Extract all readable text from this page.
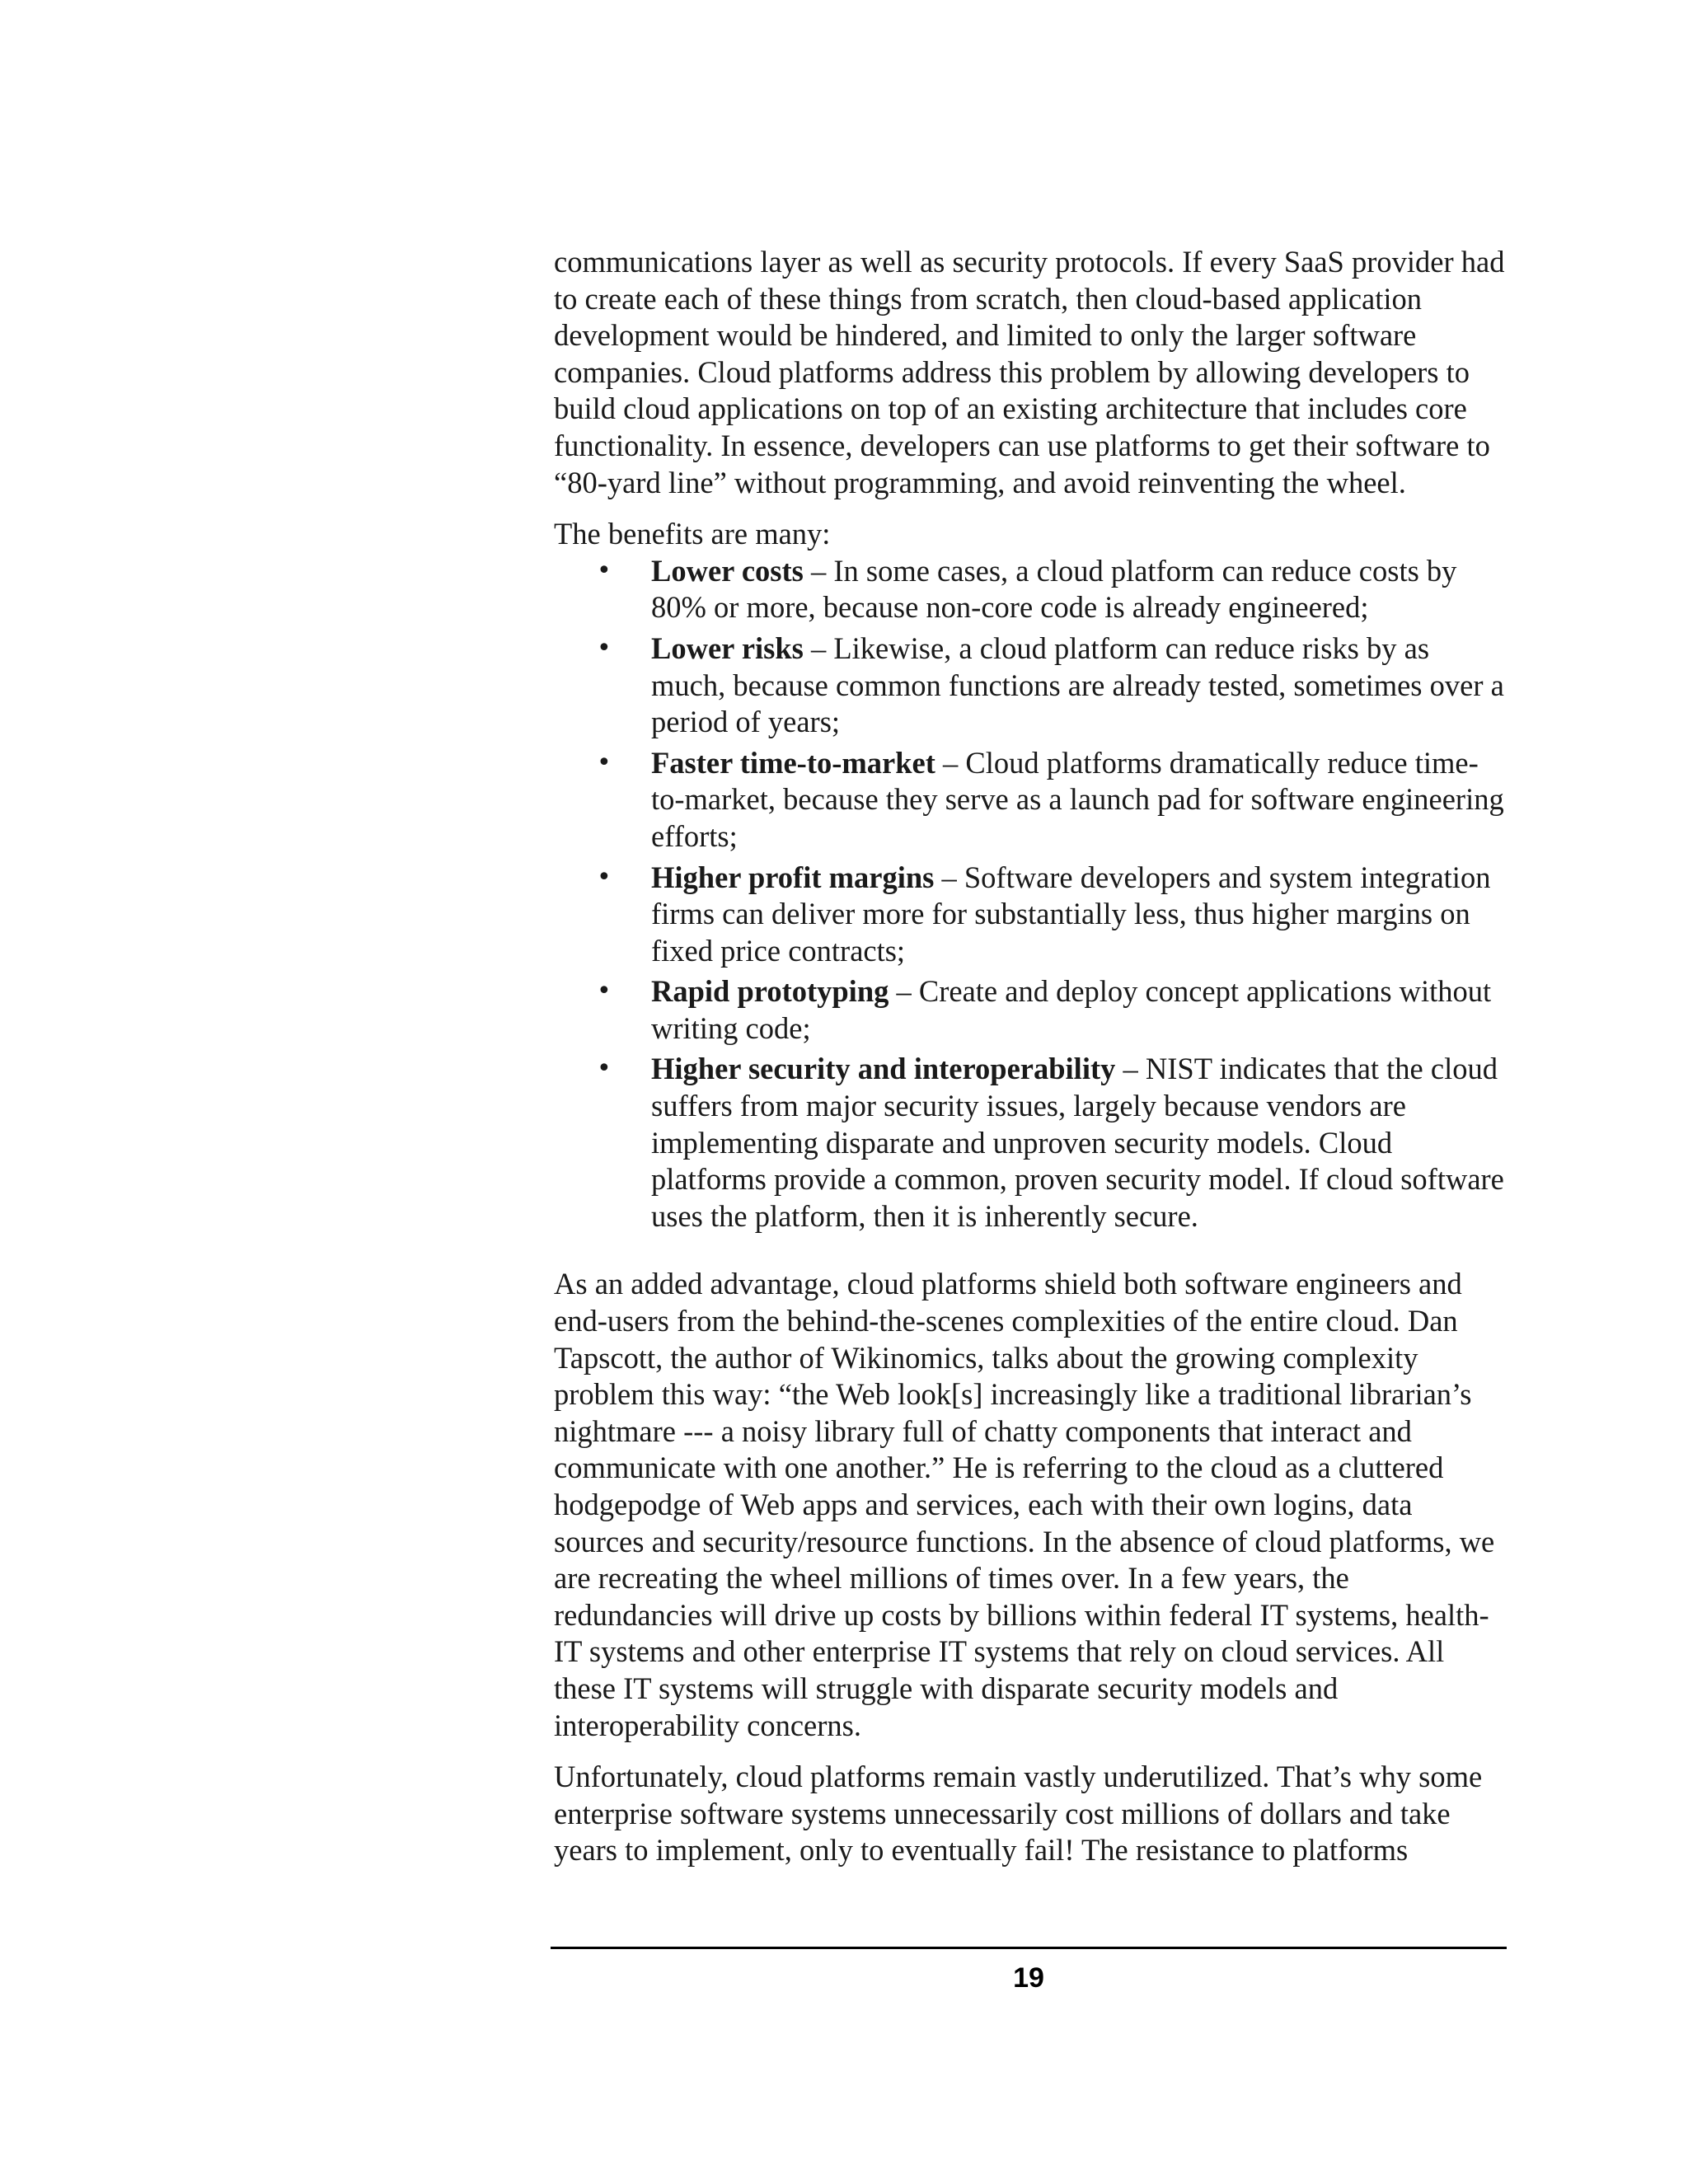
communications layer as well as security protocols. If every SaaS provider had to create each of these things from scratch, then cloud-based application development would be hindered, and limited to only the larger software companies. Cloud platforms address this problem by allowing developers to build cloud applications on top of an existing architecture that includes core functionality. In essence, developers can use platforms to get their software to “80-yard line” without programming, and avoid reinventing the wheel.

The benefits are many:

• Lower costs – In some cases, a cloud platform can reduce costs by 80% or more, because non-core code is already engineered;
• Lower risks – Likewise, a cloud platform can reduce risks by as much, because common functions are already tested, sometimes over a period of years;
• Faster time-to-market – Cloud platforms dramatically reduce time-to-market, because they serve as a launch pad for software engineering efforts;
• Higher profit margins – Software developers and system integration firms can deliver more for substantially less, thus higher margins on fixed price contracts;
• Rapid prototyping – Create and deploy concept applications without writing code;
• Higher security and interoperability – NIST indicates that the cloud suffers from major security issues, largely because vendors are implementing disparate and unproven security models. Cloud platforms provide a common, proven security model. If cloud software uses the platform, then it is inherently secure.

As an added advantage, cloud platforms shield both software engineers and end-users from the behind-the-scenes complexities of the entire cloud. Dan Tapscott, the author of Wikinomics, talks about the growing complexity problem this way: “the Web look[s] increasingly like a traditional librarian’s nightmare --- a noisy library full of chatty components that interact and communicate with one another.” He is referring to the cloud as a cluttered hodgepodge of Web apps and services, each with their own logins, data sources and security/resource functions. In the absence of cloud platforms, we are recreating the wheel millions of times over. In a few years, the redundancies will drive up costs by billions within federal IT systems, health-IT systems and other enterprise IT systems that rely on cloud services. All these IT systems will struggle with disparate security models and interoperability concerns.

Unfortunately, cloud platforms remain vastly underutilized. That’s why some enterprise software systems unnecessarily cost millions of dollars and take years to implement, only to eventually fail! The resistance to platforms

19
